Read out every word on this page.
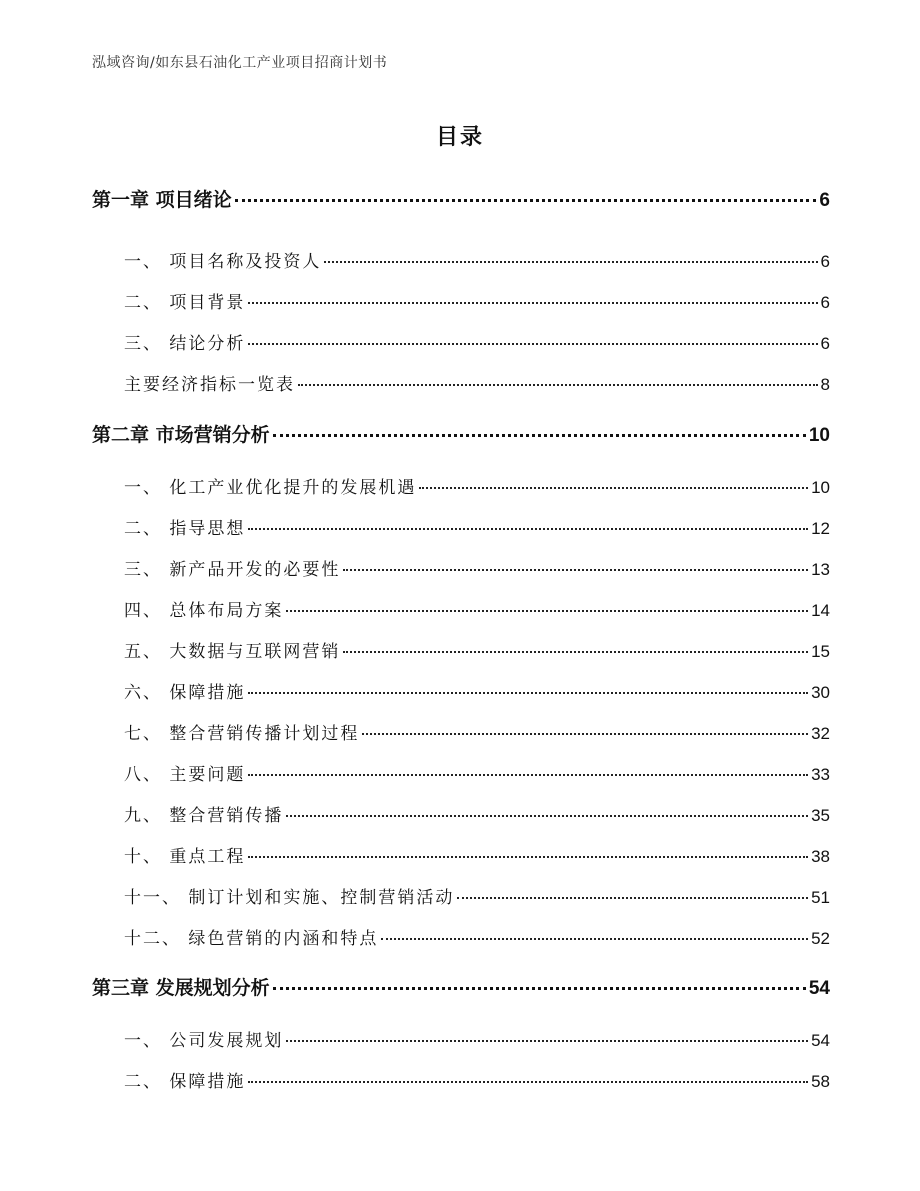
泓域咨询/如东县石油化工产业项目招商计划书
目录
第一章 项目绪论	6
一、 项目名称及投资人	6
二、 项目背景	6
三、 结论分析	6
主要经济指标一览表	8
第二章 市场营销分析	10
一、 化工产业优化提升的发展机遇	10
二、 指导思想	12
三、 新产品开发的必要性	13
四、 总体布局方案	14
五、 大数据与互联网营销	15
六、 保障措施	30
七、 整合营销传播计划过程	32
八、 主要问题	33
九、 整合营销传播	35
十、 重点工程	38
十一、 制订计划和实施、控制营销活动	51
十二、 绿色营销的内涵和特点	52
第三章 发展规划分析	54
一、 公司发展规划	54
二、 保障措施	58
